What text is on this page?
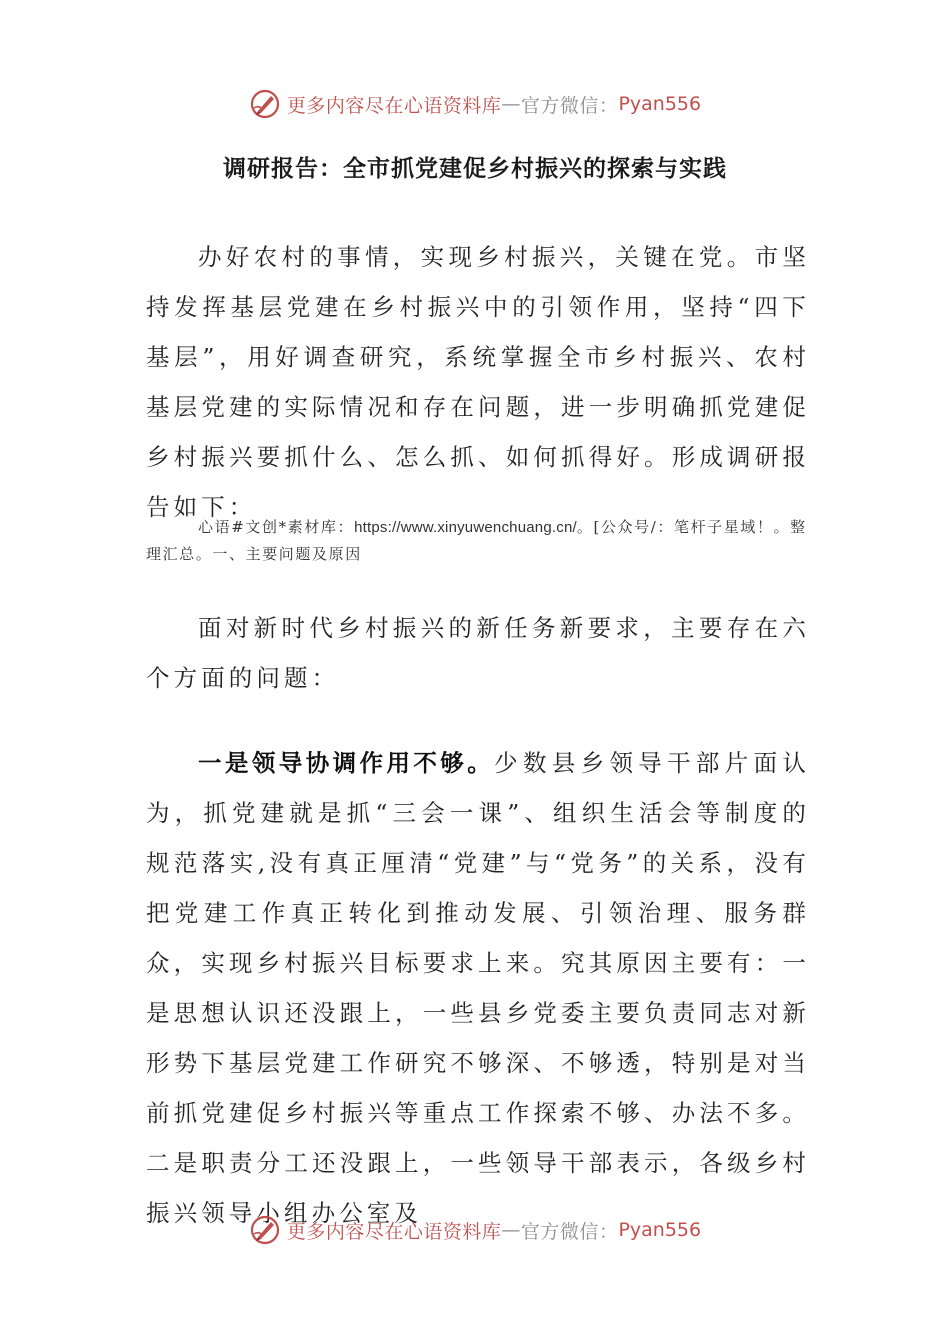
更多内容尽在心语资料库 — 官方微信： Pyan556
调研报告：全市抓党建促乡村振兴的探索与实践

办好农村的事情，实现乡村振兴，关键在党。市坚持发挥基层党建在乡村振兴中的引领作用，坚持“四下基层”，用好调查研究，系统掌握全市乡村振兴、农村基层党建的实际情况和存在问题，进一步明确抓党建促乡村振兴要抓什么、怎么抓、如何抓得好。形成调研报告如下：

心语#文创*素材库：https://www.xinyuwenchuang.cn/。[公众号/：笔杆子星域！。整理汇总。一、主要问题及原因

面对新时代乡村振兴的新任务新要求，主要存在六个方面的问题：

一是领导协调作用不够。少数县乡领导干部片面认为，抓党建就是抓“三会一课”、组织生活会等制度的规范落实,没有真正厘清“党建”与“党务”的关系，没有把党建工作真正转化到推动发展、引领治理、服务群众，实现乡村振兴目标要求上来。究其原因主要有：一是思想认识还没跟上，一些县乡党委主要负责同志对新形势下基层党建工作研究不够深、不够透，特别是对当前抓党建促乡村振兴等重点工作探索不够、办法不多。二是职责分工还没跟上，一些领导干部表示，各级乡村振兴领导小组办公室及

更多内容尽在心语资料库 — 官方微信： Pyan556
